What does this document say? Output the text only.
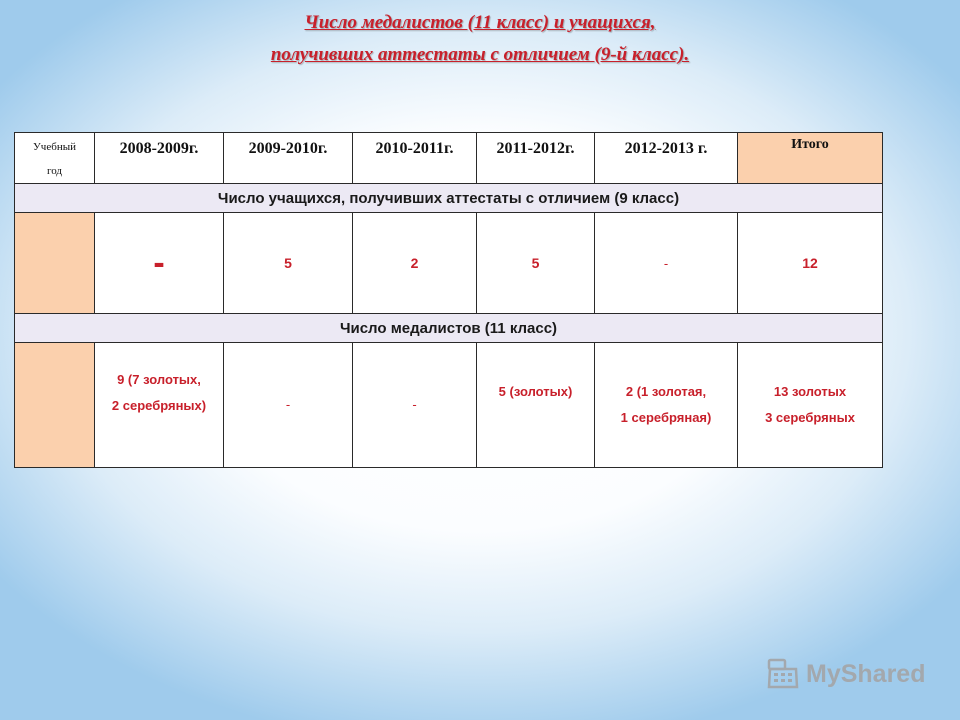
Число медалистов (11 класс) и учащихся,
получивших аттестаты с отличием (9-й класс).
Учебный
год	2008-2009г.	2009-2010г.	2010-2011г.	2011-2012г.	2012-2013 г.	Итого

Число учащихся, получивших аттестаты с отличием (9 класс)						
	-	5	2	5	-	12
Число медалистов (11 класс)						

	9 (7 золотых,
2 серебряных)	-	-	5 (золотых)	2 (1 золотая,
1 серебряная)	13 золотых
3 серебряных
MyShared
